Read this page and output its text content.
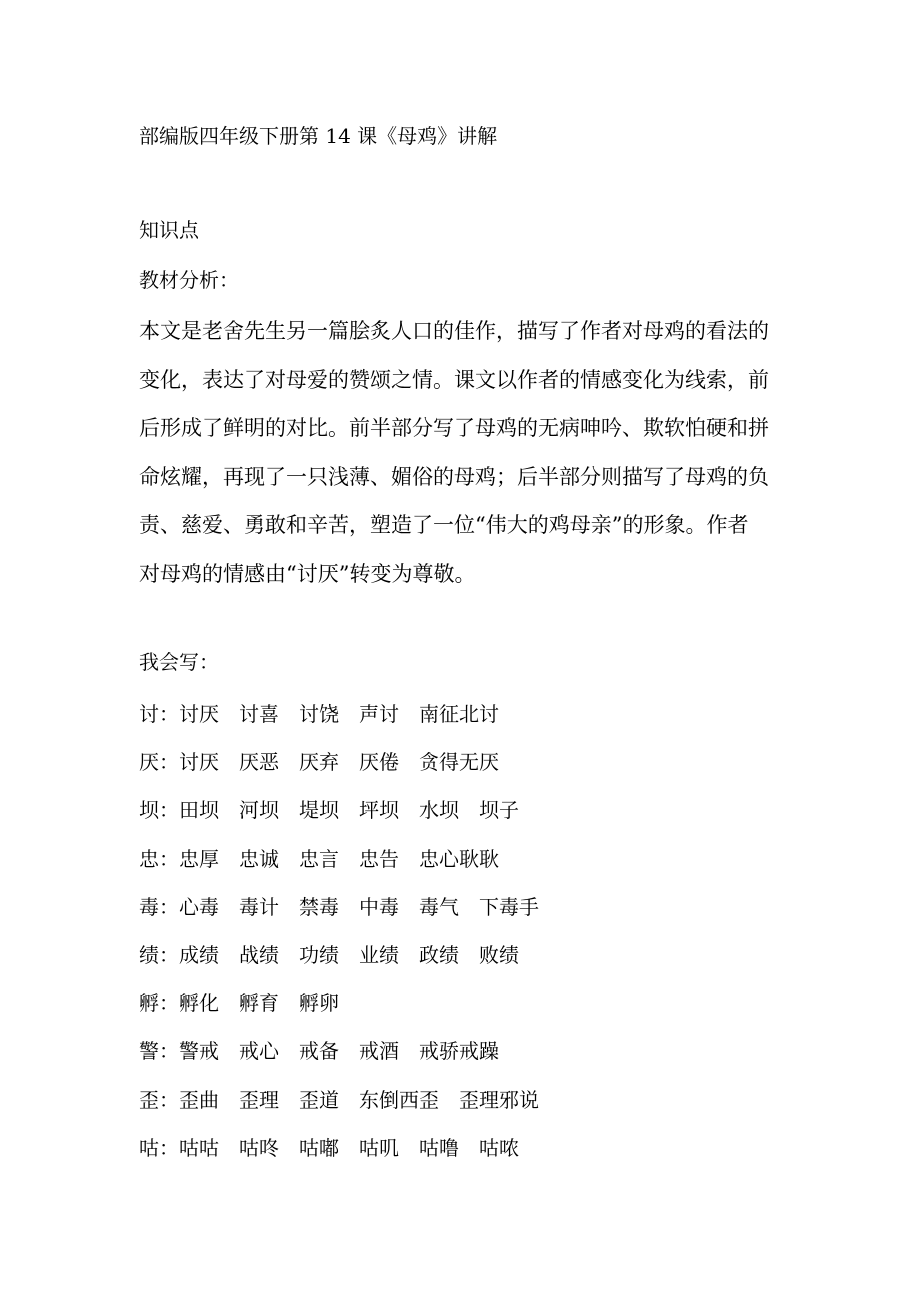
部编版四年级下册第 14 课《母鸡》讲解
知识点
教材分析：
本文是老舍先生另一篇脍炙人口的佳作，描写了作者对母鸡的看法的
变化，表达了对母爱的赞颂之情。课文以作者的情感变化为线索，前
后形成了鲜明的对比。前半部分写了母鸡的无病呻吟、欺软怕硬和拼
命炫耀，再现了一只浅薄、媚俗的母鸡；后半部分则描写了母鸡的负
责、慈爱、勇敢和辛苦，塑造了一位“伟大的鸡母亲”的形象。作者
对母鸡的情感由“讨厌”转变为尊敬。
我会写：
讨：讨厌 讨喜 讨饶 声讨 南征北讨
厌：讨厌 厌恶 厌弃 厌倦 贪得无厌
坝：田坝 河坝 堤坝 坪坝 水坝 坝子
忠：忠厚 忠诚 忠言 忠告 忠心耿耿
毒：心毒 毒计 禁毒 中毒 毒气 下毒手
绩：成绩 战绩 功绩 业绩 政绩 败绩
孵：孵化 孵育 孵卵
警：警戒 戒心 戒备 戒酒 戒骄戒躁
歪：歪曲 歪理 歪道 东倒西歪 歪理邪说
咕：咕咕 咕咚 咕嘟 咕叽 咕噜 咕哝
